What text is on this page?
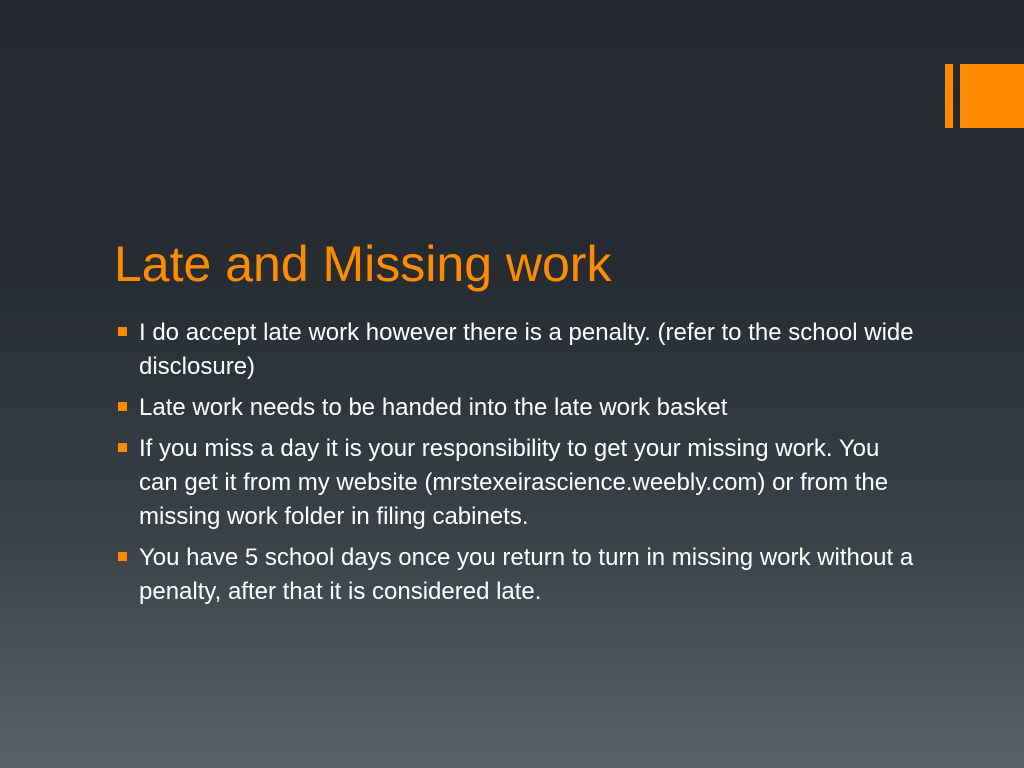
Late and Missing work
I do accept late work however there is a penalty. (refer to the school wide disclosure)
Late work needs to be handed into the late work basket
If you miss a day it is your responsibility to get your missing work. You can get it from my website (mrstexeirascience.weebly.com) or from the missing work folder in filing cabinets.
You have 5 school days once you return to turn in missing work without a penalty, after that it is considered late.
